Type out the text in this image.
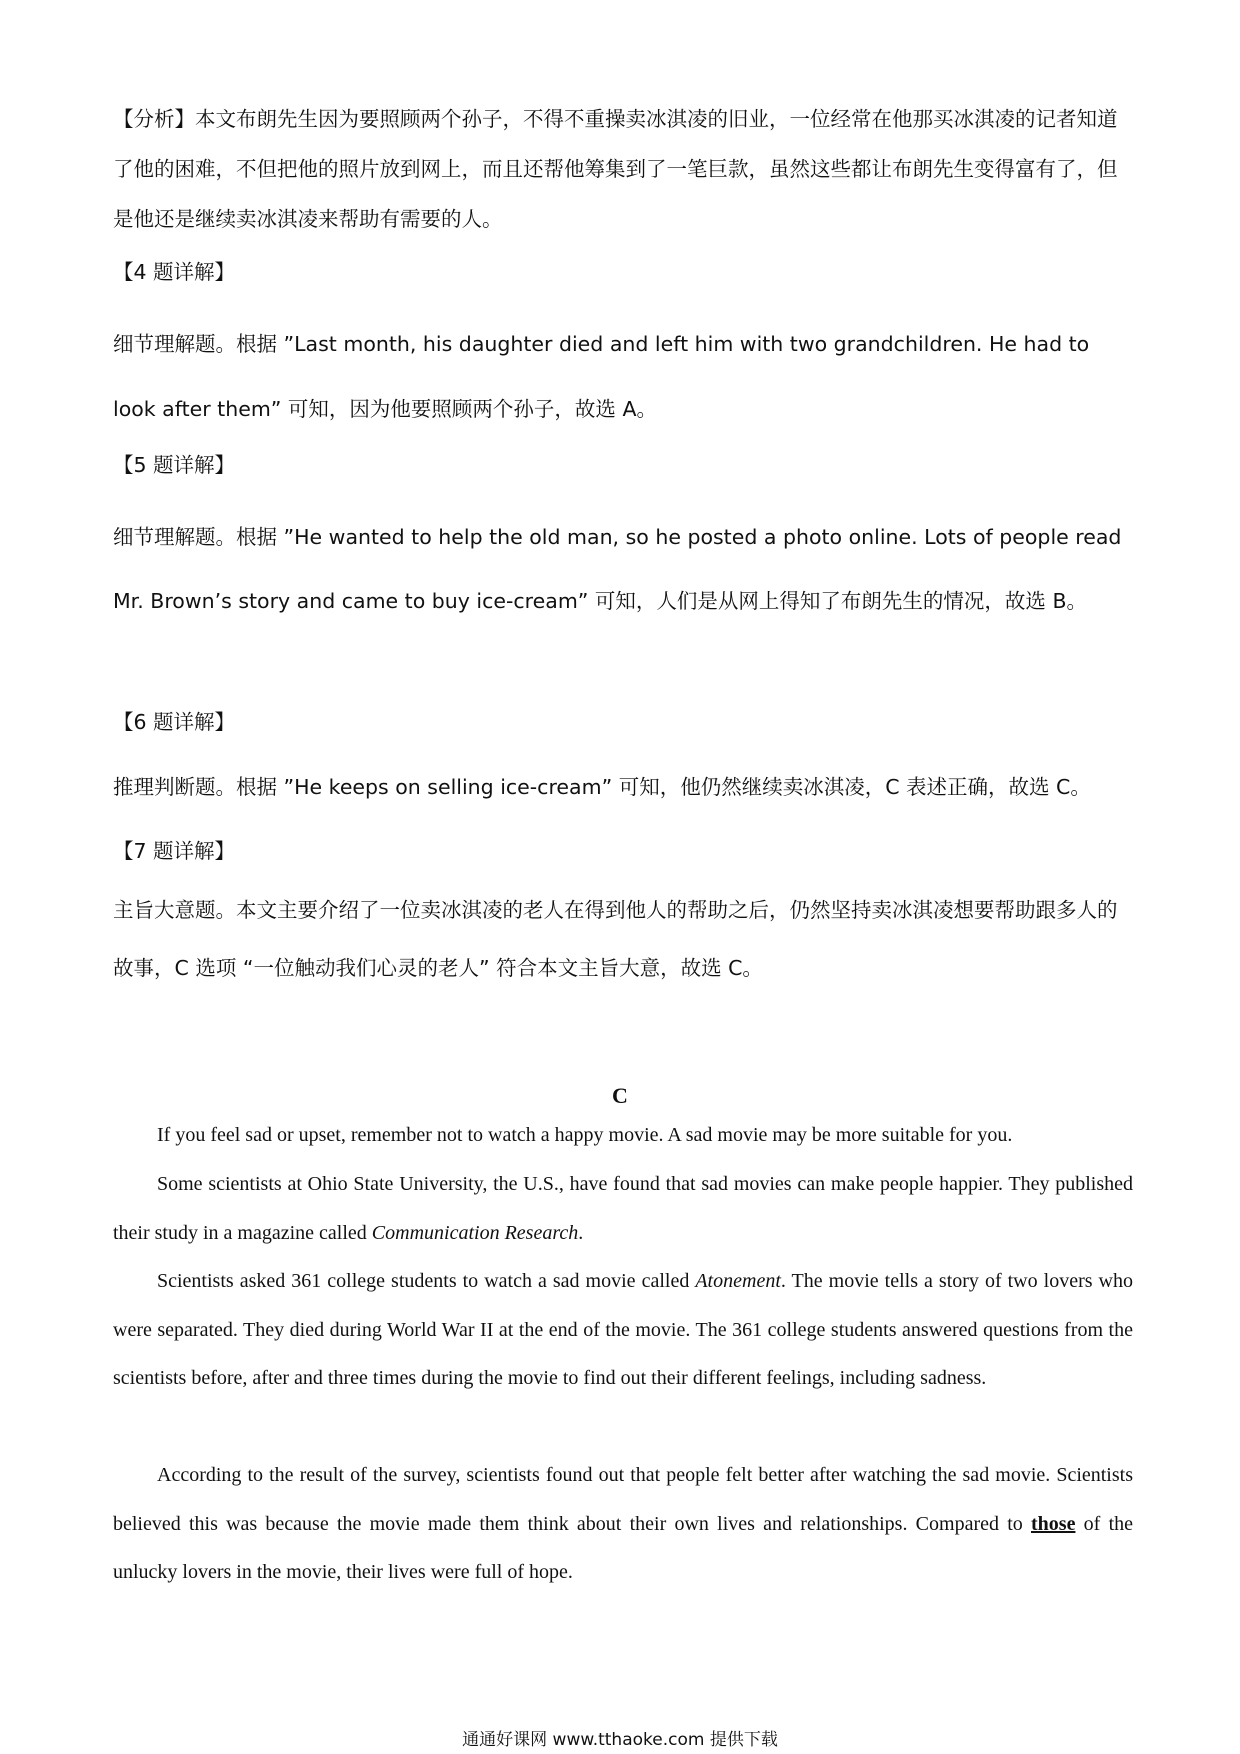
【分析】本文布朗先生因为要照顾两个孙子，不得不重操卖冰淇凌的旧业，一位经常在他那买冰淇凌的记者知道了他的困难，不但把他的照片放到网上，而且还帮他筹集到了一笔巨款，虽然这些都让布朗先生变得富有了，但是他还是继续卖冰淇凌来帮助有需要的人。

【4 题详解】

细节理解题。根据 ”Last month, his daughter died and left him with two grandchildren. He had to look after them” 可知，因为他要照顾两个孙子，故选 A。

【5 题详解】

细节理解题。根据 ”He wanted to help the old man, so he posted a photo online. Lots of people read Mr. Brown’s story and came to buy ice-cream” 可知，人们是从网上得知了布朗先生的情况，故选 B。

【6 题详解】

推理判断题。根据 ”He keeps on selling ice-cream” 可知，他仍然继续卖冰淇凌，C 表述正确，故选 C。

【7 题详解】

主旨大意题。本文主要介绍了一位卖冰淇凌的老人在得到他人的帮助之后，仍然坚持卖冰淇凌想要帮助跟多人的故事，C 选项 “一位触动我们心灵的老人” 符合本文主旨大意，故选 C。

C

If you feel sad or upset, remember not to watch a happy movie. A sad movie may be more suitable for you.

Some scientists at Ohio State University, the U.S., have found that sad movies can make people happier. They published their study in a magazine called Communication Research.

Scientists asked 361 college students to watch a sad movie called Atonement. The movie tells a story of two lovers who were separated. They died during World War II at the end of the movie. The 361 college students answered questions from the scientists before, after and three times during the movie to find out their different feelings, including sadness.

According to the result of the survey, scientists found out that people felt better after watching the sad movie. Scientists believed this was because the movie made them think about their own lives and relationships. Compared to those of the unlucky lovers in the movie, their lives were full of hope.

通通好课网 www.tthaoke.com 提供下载
